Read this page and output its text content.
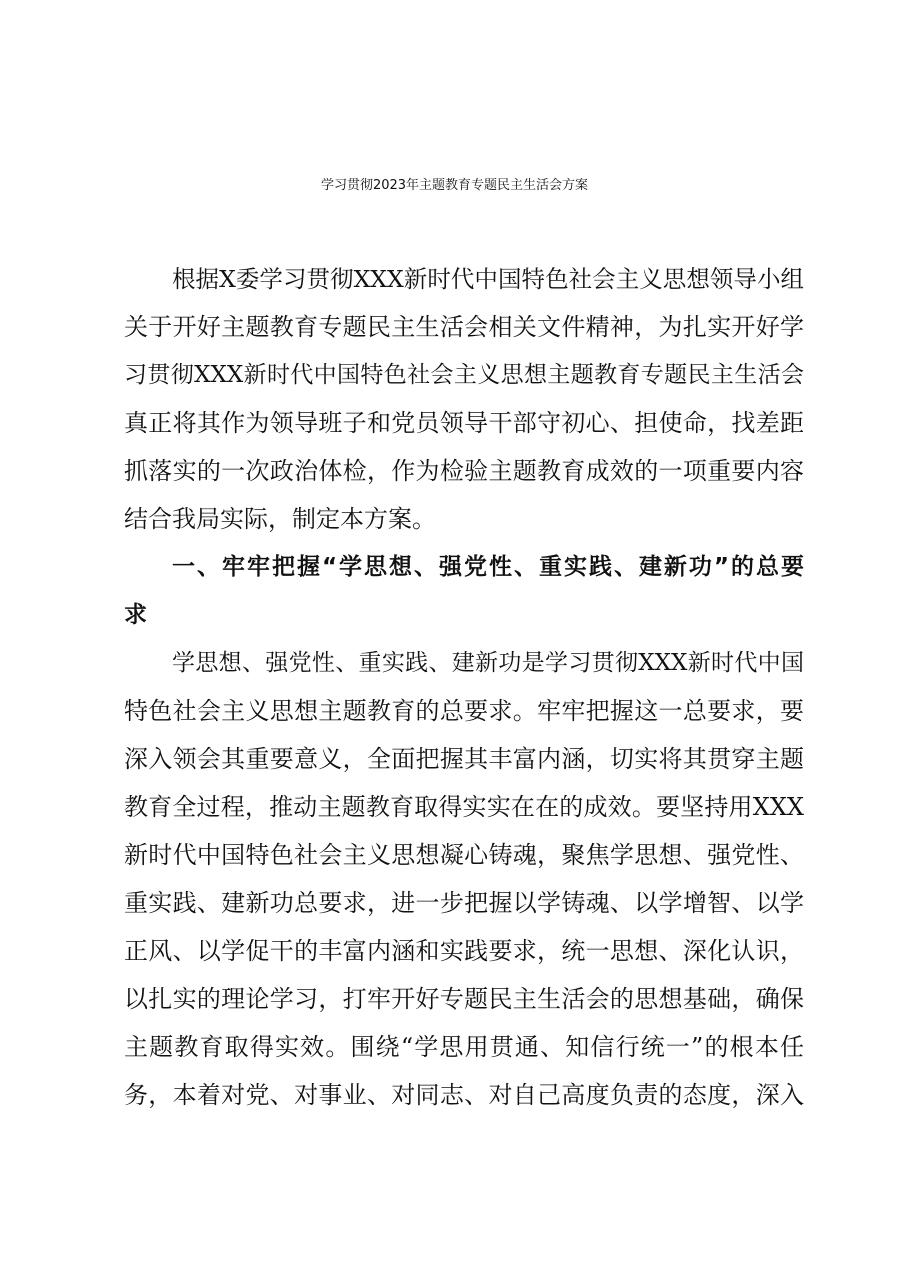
学习贯彻2023年主题教育专题民主生活会方案
根据X委学习贯彻XXX新时代中国特色社会主义思想领导小组
关于开好主题教育专题民主生活会相关文件精神，为扎实开好学
习贯彻XXX新时代中国特色社会主义思想主题教育专题民主生活会
真正将其作为领导班子和党员领导干部守初心、担使命，找差距
抓落实的一次政治体检，作为检验主题教育成效的一项重要内容
结合我局实际，制定本方案。
一、牢牢把握“学思想、强党性、重实践、建新功”的总要
求
学思想、强党性、重实践、建新功是学习贯彻XXX新时代中国
特色社会主义思想主题教育的总要求。牢牢把握这一总要求，要
深入领会其重要意义，全面把握其丰富内涵，切实将其贯穿主题
教育全过程，推动主题教育取得实实在在的成效。要坚持用XXX
新时代中国特色社会主义思想凝心铸魂，聚焦学思想、强党性、
重实践、建新功总要求，进一步把握以学铸魂、以学增智、以学
正风、以学促干的丰富内涵和实践要求，统一思想、深化认识，
以扎实的理论学习，打牢开好专题民主生活会的思想基础，确保
主题教育取得实效。围绕“学思用贯通、知信行统一”的根本任
务，本着对党、对事业、对同志、对自己高度负责的态度，深入
